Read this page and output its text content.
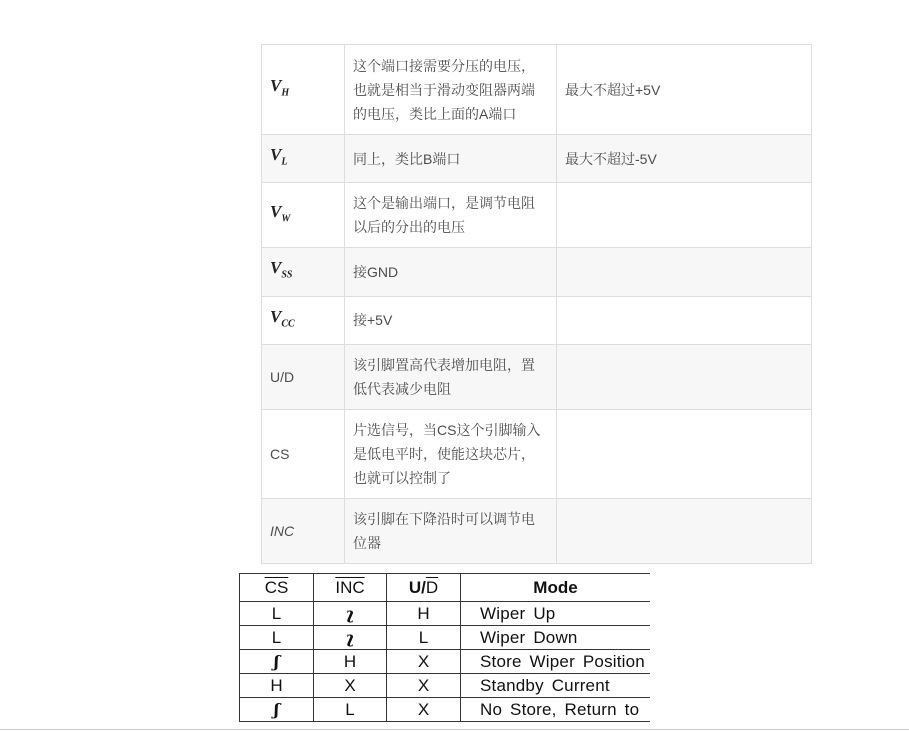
$V_H$	这个端口接需要分压的电压，也就是相当于滑动变阻器两端的电压，类比上面的A端口	最大不超过+5V
$V_L$	同上，类比B端口	最大不超过-5V
$V_W$	这个是输出端口，是调节电阻以后的分出的电压	
$V_{SS}$	接GND	
$V_{CC}$	接+5V	
U/D	该引脚置高代表增加电阻，置低代表减少电阻	
CS	片选信号，当CS这个引脚输入是低电平时，使能这块芯片，也就可以控制了	
INC	该引脚在下降沿时可以调节电位器	
$\overline{CS}$	$\overline{INC}$	$U/\overline{D}$	Mode
L	ʅ	H	Wiper Up
L	ʅ	L	Wiper Down
ʃ	H	X	Store Wiper Position
H	X	X	Standby Current
ʃ	L	X	No Store, Return to
